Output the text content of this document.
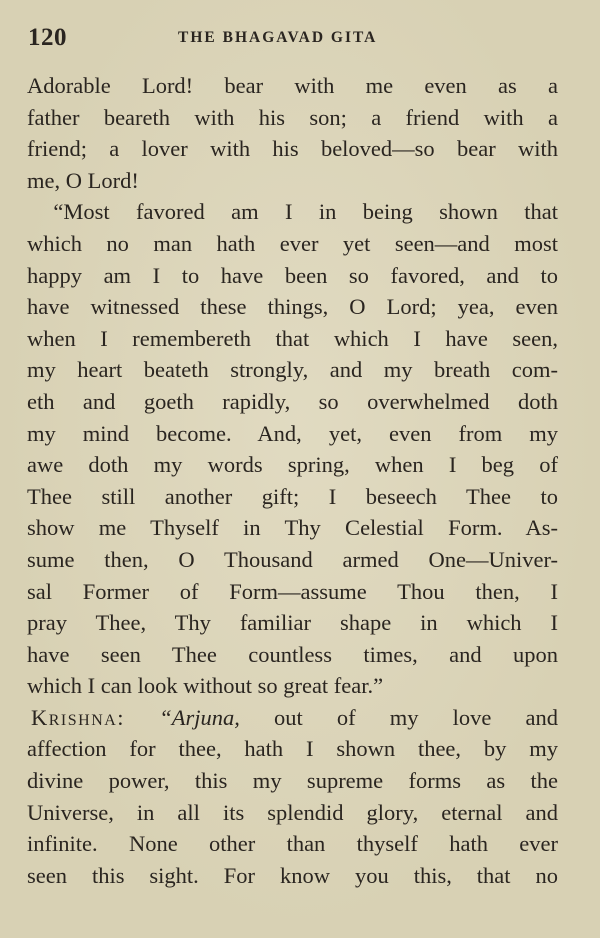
120	THE BHAGAVAD GITA
Adorable Lord! bear with me even as a
father beareth with his son; a friend with a
friend; a lover with his beloved—so bear with
me, O Lord!
“Most favored am I in being shown that
which no man hath ever yet seen—and most
happy am I to have been so favored, and to
have witnessed these things, O Lord; yea, even
when I remembereth that which I have seen,
my heart beateth strongly, and my breath com-
eth and goeth rapidly, so overwhelmed doth
my mind become. And, yet, even from my
awe doth my words spring, when I beg of
Thee still another gift; I beseech Thee to
show me Thyself in Thy Celestial Form. As-
sume then, O Thousand armed One—Univer-
sal Former of Form—assume Thou then, I
pray Thee, Thy familiar shape in which I
have seen Thee countless times, and upon
which I can look without so great fear.”
Krishna: “Arjuna, out of my love and
affection for thee, hath I shown thee, by my
divine power, this my supreme forms as the
Universe, in all its splendid glory, eternal and
infinite. None other than thyself hath ever
seen this sight. For know you this, that no
